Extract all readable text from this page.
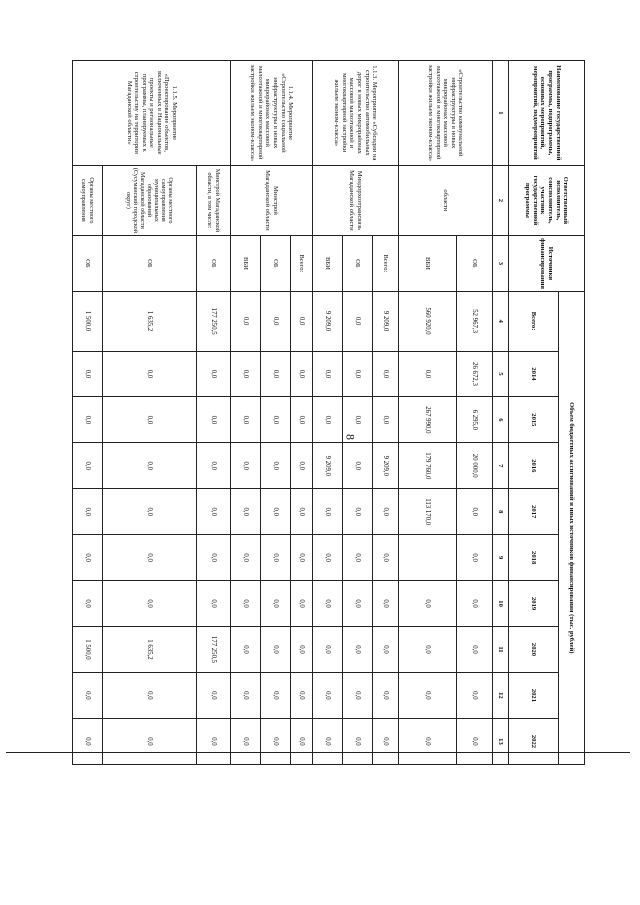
8
Наименование государственной программы, подпрограммы, основных мероприятий, мероприятий, подмероприятий	Ответственный исполнитель, соисполнитель, участник государственной программы	Источники финансирования	Объем бюджетных ассигнований и иных источников финансирования (тыс. рублей)									
			Всего:	2014	2015	2016	2017	2018	2019	2020	2021	2022
1	2	3	4	5	6	7	8	9	10	11	12	13
«Строительство коммунальной инфраструктуры в новых микрорайонах массовой малоэтажной и многоквартирной застройки жильем эконом-класса»	области	ОБ	52 967,3	26 672,3	6 295,0	20 000,0	0,0	0,0	0,0	0,0	0,0	0,0
		ВБИ	560 920,0	0,0	267 990,0	179 760,0	113 170,0		0,0	0,0	0,0	0,0
1.1.3. Мероприятие «Субсидии на строительство автомобильных дорог в новых микрорайонах массовой малоэтажной и многоквартирной застройки жильем эконом-класса»	Миндорхозтрансвязь Магаданской области	Всего:	9 209,0	0,0	0,0	9 209,0	0,0	0,0	0,0	0,0	0,0	0,0
		ОБ	0,0	0,0	0,0	0,0	0,0	0,0	0,0	0,0	0,0	0,0
		ВБИ	9 209,0	0,0	0,0	9 209,0	0,0	0,0	0,0	0,0	0,0	0,0
1.1.4. Мероприятие «Строительство социальной инфраструктуры в новых микрорайонах массовой малоэтажной и многоквартирной застройки жильем эконом-класса»	Минстрой Магаданской области	Всего:	0,0	0,0	0,0	0,0	0,0	0,0	0,0	0,0	0,0	0,0
		ОБ	0,0	0,0	0,0	0,0	0,0	0,0	0,0	0,0	0,0	0,0
		ВБИ	0,0	0,0	0,0	0,0	0,0	0,0	0,0	0,0	0,0	0,0
1.1.5. Мероприятие «Проектирование объектов, включенных в Национальные проекты и региональные программы, планируемых к строительству на территории Магаданской области»	Минстрой Магаданской области, в том числе:	ОБ	177 250,5	0,0	0,0	0,0	0,0	0,0	0,0	177 250,5	0,0	0,0
	Органы местного самоуправления муниципальных образований Магаданской области (Сусуманский городской округ)	ОБ	1 635,2	0,0	0,0	0,0	0,0	0,0	0,0	1 635,2	0,0	0,0
	Органы местного самоуправления	ОБ	1 500,0	0,0	0,0	0,0	0,0	0,0	0,0	1 500,0	0,0	0,0
